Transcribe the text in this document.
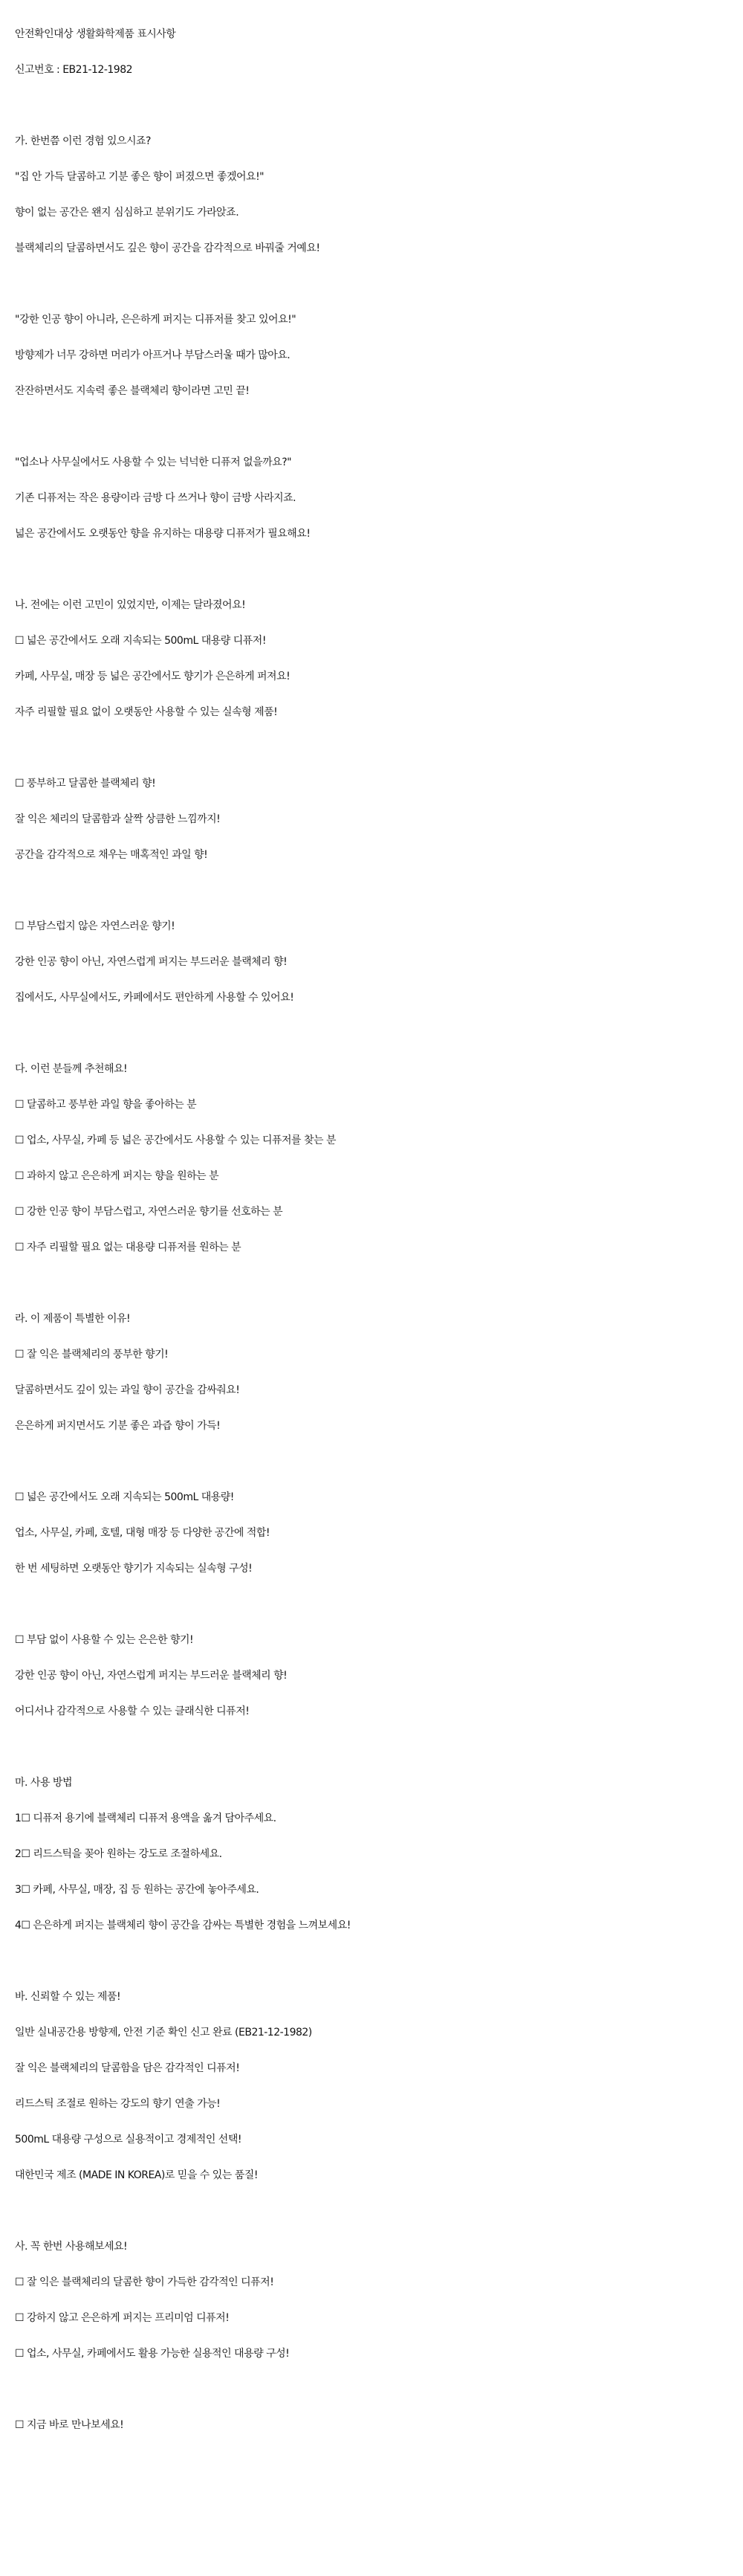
안전확인대상 생활화학제품 표시사항
신고번호 : EB21-12-1982
가. 한번쯤 이런 경험 있으시죠?
"집 안 가득 달콤하고 기분 좋은 향이 퍼졌으면 좋겠어요!"
향이 없는 공간은 왠지 심심하고 분위기도 가라앉죠.
블랙체리의 달콤하면서도 깊은 향이 공간을 감각적으로 바꿔줄 거예요!
"강한 인공 향이 아니라, 은은하게 퍼지는 디퓨저를 찾고 있어요!"
방향제가 너무 강하면 머리가 아프거나 부담스러울 때가 많아요.
잔잔하면서도 지속력 좋은 블랙체리 향이라면 고민 끝!
"업소나 사무실에서도 사용할 수 있는 넉넉한 디퓨저 없을까요?"
기존 디퓨저는 작은 용량이라 금방 다 쓰거나 향이 금방 사라지죠.
넓은 공간에서도 오랫동안 향을 유지하는 대용량 디퓨저가 필요해요!
나. 전에는 이런 고민이 있었지만, 이제는 달라졌어요!
☐ 넓은 공간에서도 오래 지속되는 500mL 대용량 디퓨저!
카페, 사무실, 매장 등 넓은 공간에서도 향기가 은은하게 퍼져요!
자주 리필할 필요 없이 오랫동안 사용할 수 있는 실속형 제품!
☐ 풍부하고 달콤한 블랙체리 향!
잘 익은 체리의 달콤함과 살짝 상큼한 느낌까지!
공간을 감각적으로 채우는 매혹적인 과일 향!
☐ 부담스럽지 않은 자연스러운 향기!
강한 인공 향이 아닌, 자연스럽게 퍼지는 부드러운 블랙체리 향!
집에서도, 사무실에서도, 카페에서도 편안하게 사용할 수 있어요!
다. 이런 분들께 추천해요!
☐ 달콤하고 풍부한 과일 향을 좋아하는 분
☐ 업소, 사무실, 카페 등 넓은 공간에서도 사용할 수 있는 디퓨저를 찾는 분
☐ 과하지 않고 은은하게 퍼지는 향을 원하는 분
☐ 강한 인공 향이 부담스럽고, 자연스러운 향기를 선호하는 분
☐ 자주 리필할 필요 없는 대용량 디퓨저를 원하는 분
라. 이 제품이 특별한 이유!
☐ 잘 익은 블랙체리의 풍부한 향기!
달콤하면서도 깊이 있는 과일 향이 공간을 감싸줘요!
은은하게 퍼지면서도 기분 좋은 과즙 향이 가득!
☐ 넓은 공간에서도 오래 지속되는 500mL 대용량!
업소, 사무실, 카페, 호텔, 대형 매장 등 다양한 공간에 적합!
한 번 세팅하면 오랫동안 향기가 지속되는 실속형 구성!
☐ 부담 없이 사용할 수 있는 은은한 향기!
강한 인공 향이 아닌, 자연스럽게 퍼지는 부드러운 블랙체리 향!
어디서나 감각적으로 사용할 수 있는 클래식한 디퓨저!
마. 사용 방법
1☐ 디퓨저 용기에 블랙체리 디퓨저 용액을 옮겨 담아주세요.
2☐ 리드스틱을 꽂아 원하는 강도로 조절하세요.
3☐ 카페, 사무실, 매장, 집 등 원하는 공간에 놓아주세요.
4☐ 은은하게 퍼지는 블랙체리 향이 공간을 감싸는 특별한 경험을 느껴보세요!
바. 신뢰할 수 있는 제품!
일반 실내공간용 방향제, 안전 기준 확인 신고 완료 (EB21-12-1982)
잘 익은 블랙체리의 달콤함을 담은 감각적인 디퓨저!
리드스틱 조절로 원하는 강도의 향기 연출 가능!
500mL 대용량 구성으로 실용적이고 경제적인 선택!
대한민국 제조 (MADE IN KOREA)로 믿을 수 있는 품질!
사. 꼭 한번 사용해보세요!
☐ 잘 익은 블랙체리의 달콤한 향이 가득한 감각적인 디퓨저!
☐ 강하지 않고 은은하게 퍼지는 프리미엄 디퓨저!
☐ 업소, 사무실, 카페에서도 활용 가능한 실용적인 대용량 구성!
☐ 지금 바로 만나보세요!
